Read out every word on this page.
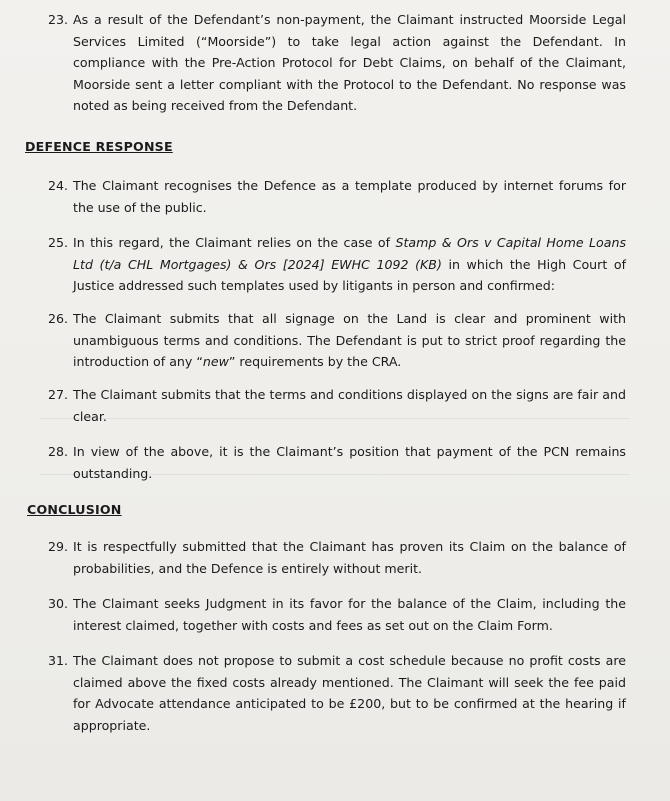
23. As a result of the Defendant’s non-payment, the Claimant instructed Moorside Legal Services Limited (“Moorside”) to take legal action against the Defendant. In compliance with the Pre-Action Protocol for Debt Claims, on behalf of the Claimant, Moorside sent a letter compliant with the Protocol to the Defendant. No response was noted as being received from the Defendant.
DEFENCE RESPONSE
24. The Claimant recognises the Defence as a template produced by internet forums for the use of the public.
25. In this regard, the Claimant relies on the case of Stamp & Ors v Capital Home Loans Ltd (t/a CHL Mortgages) & Ors [2024] EWHC 1092 (KB) in which the High Court of Justice addressed such templates used by litigants in person and confirmed:
26. The Claimant submits that all signage on the Land is clear and prominent with unambiguous terms and conditions. The Defendant is put to strict proof regarding the introduction of any “new” requirements by the CRA.
27. The Claimant submits that the terms and conditions displayed on the signs are fair and clear.
28. In view of the above, it is the Claimant’s position that payment of the PCN remains outstanding.
CONCLUSION
29. It is respectfully submitted that the Claimant has proven its Claim on the balance of probabilities, and the Defence is entirely without merit.
30. The Claimant seeks Judgment in its favor for the balance of the Claim, including the interest claimed, together with costs and fees as set out on the Claim Form.
31. The Claimant does not propose to submit a cost schedule because no profit costs are claimed above the fixed costs already mentioned. The Claimant will seek the fee paid for Advocate attendance anticipated to be £200, but to be confirmed at the hearing if appropriate.
